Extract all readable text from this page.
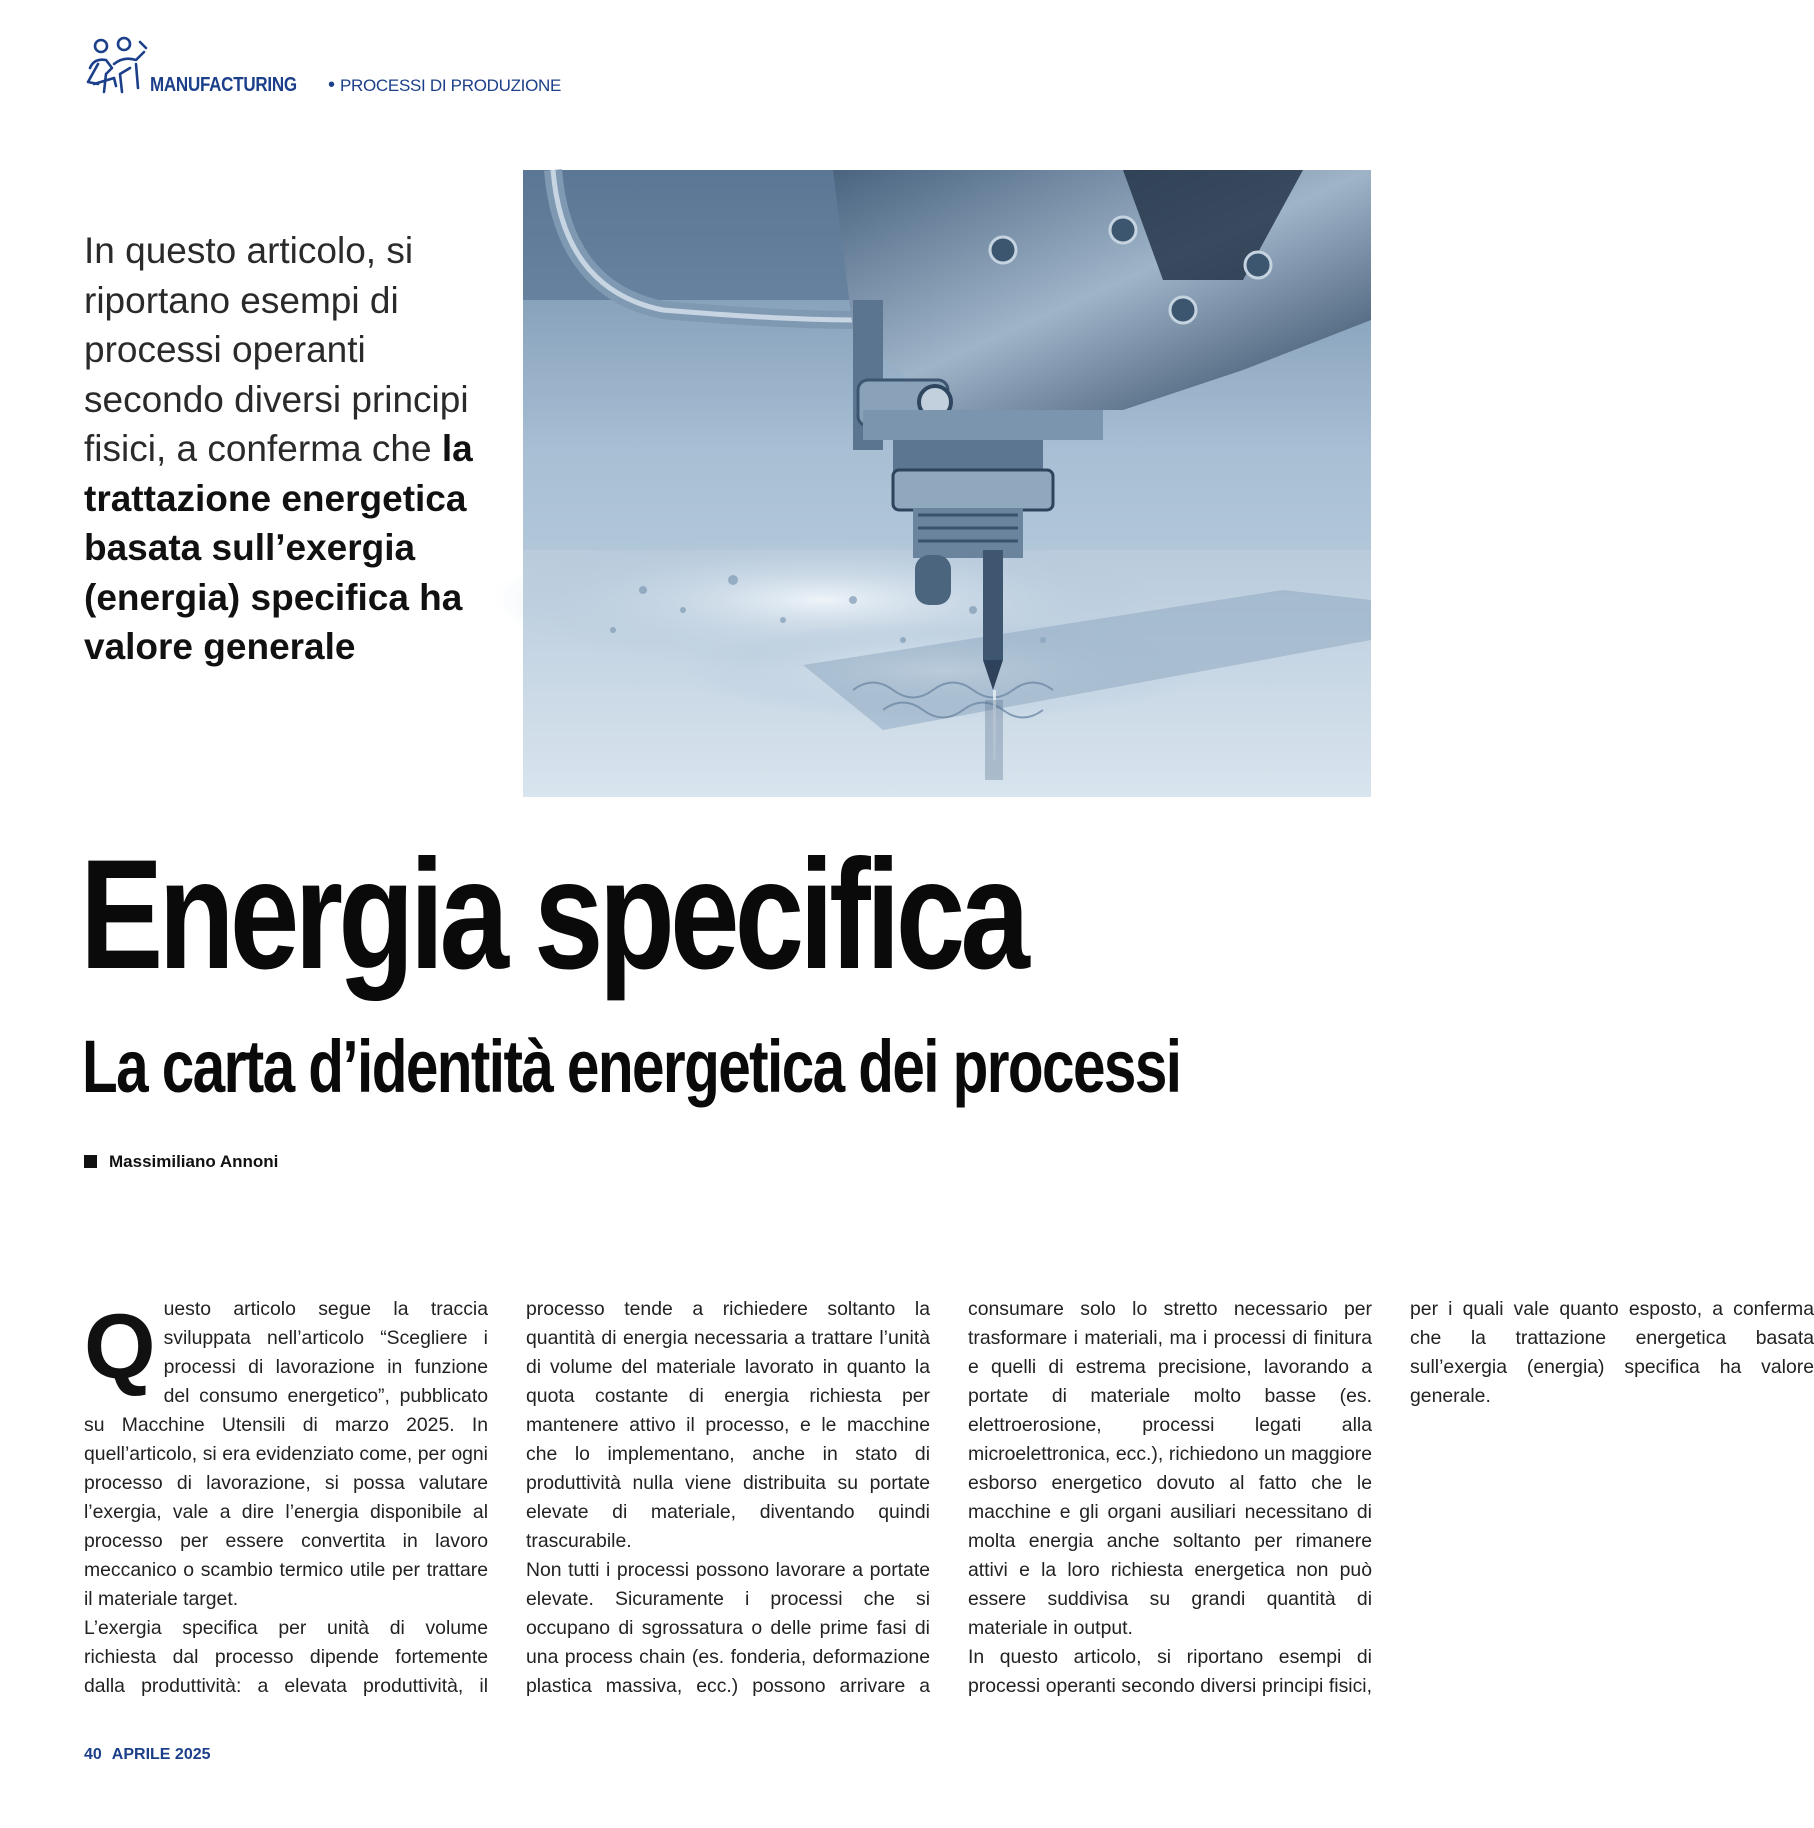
MANUFACTURING • PROCESSI DI PRODUZIONE
In questo articolo, si riportano esempi di processi operanti secondo diversi principi fisici, a conferma che la trattazione energetica basata sull’exergia (energia) specifica ha valore generale
Energia specifica
La carta d’identità energetica dei processi
Massimiliano Annoni

Questo articolo segue la traccia sviluppata nell’articolo “Scegliere i processi di lavorazione in funzione del consumo energetico”, pubblicato su Macchine Utensili di marzo 2025. In quell’articolo, si era evidenziato come, per ogni processo di lavorazione, si possa valutare l’exergia, vale a dire l’energia disponibile al processo per essere convertita in lavoro meccanico o scambio termico utile per trattare il materiale target.

L’exergia specifica per unità di volume richiesta dal processo dipende fortemente dalla produttività: a elevata produttività, il processo tende a richiedere soltanto la quantità di energia necessaria a trattare l’unità di volume del materiale lavorato in quanto la quota costante di energia richiesta per mantenere attivo il processo, e le macchine che lo implementano, anche in stato di produttività nulla viene distribuita su portate elevate di materiale, diventando quindi trascurabile.

Non tutti i processi possono lavorare a portate elevate. Sicuramente i processi che si occupano di sgrossatura o delle prime fasi di una process chain (es. fonderia, deformazione plastica massiva, ecc.) possono arrivare a consumare solo lo stretto necessario per trasformare i materiali, ma i processi di finitura e quelli di estrema precisione, lavorando a portate di materiale molto basse (es. elettroerosione, processi legati alla microelettronica, ecc.), richiedono un maggiore esborso energetico dovuto al fatto che le macchine e gli organi ausiliari necessitano di molta energia anche soltanto per rimanere attivi e la loro richiesta energetica non può essere suddivisa su grandi quantità di materiale in output.

In questo articolo, si riportano esempi di processi operanti secondo diversi principi fisici, per i quali vale quanto esposto, a conferma che la trattazione energetica basata sull’exergia (energia) specifica ha valore generale.

40 APRILE 2025
